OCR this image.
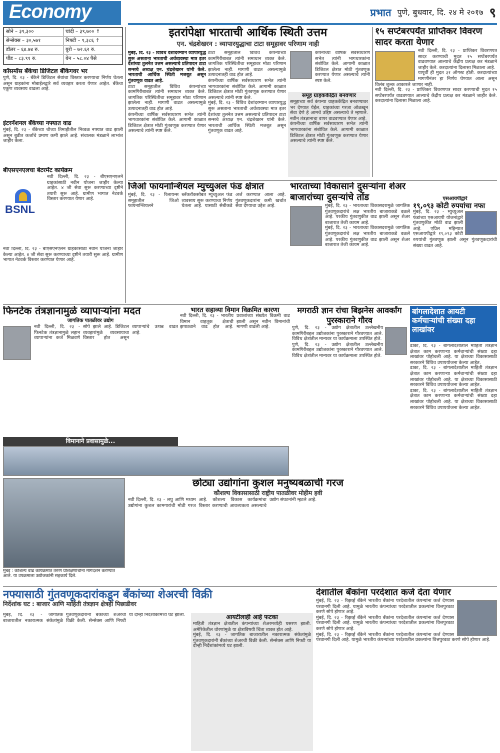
Economy	प्रभात पुणे, बुधवार, दि. २४ मे २०१७ ९
सोने – ३९,३००	चांदी – ३९,७०० ↑
सेन्सेक्स – ३०,५७१	निफ्टी – ९,३८६ ↑
डॉलर – ६४.७४ रु.	युरो – ७२.६२ रु.
पौंड – ८३.९१ रु.	येन – ५८.०४ पैसे
कॉसमॉस बँकेचा डिजिटल बँकिंगवर भर
पुणे, दि. २३ - बँकेने डिजिटल सेवांचा विस्तार करण्याचा निर्णय घेतला असून ग्राहकांना मोबाईलद्वारे सर्व व्यवहार करता येणार आहेत. बँकेचा एकूण व्यवसाय वाढला आहे.
इंटरनॅशनल बँकेच्या नफ्यात वाढ
मुंबई, दि. २३ - बँकेच्या चौथ्या तिमाहीतील निव्वळ नफ्यात वाढ झाली असून बुडीत कर्जांचे प्रमाण कमी झाले आहे. संचालक मंडळाने लाभांश जाहीर केला.
बीएसएनएलचा बेटरमेंट कार्यक्रम
नवी दिल्ली, दि. २३ - बीएसएनएलने ग्राहकांसाठी नवीन योजना जाहीर केल्या आहेत. ४ जी सेवा सुरू करण्याच्या दृष्टीने तयारी सुरू आहे. ग्रामीण भागात नेटवर्क विस्तार करण्यात येणार आहे.
BSNL
नवी दिल्ली, दि. २३ - बीएसएनएलने ग्राहकांसाठी नवीन योजना जाहीर केल्या आहेत. ४ जी सेवा सुरू करण्याच्या दृष्टीने तयारी सुरू आहे. ग्रामीण भागात नेटवर्क विस्तार करण्यात येणार आहे.
इतरांपेक्षा भारताची आर्थिक स्थिती उत्तम
एन. चंद्रशेखरन : व्यापारयुद्धाचा टाटा समूहावर परिणाम नाही
मुंबई, दि. २३ - विविध देशांदरम्यान व्यापारयुद्ध सुरू असताना भारताची अर्थव्यवस्था मात्र इतर देशांच्या तुलनेत उत्तम असल्याचे प्रतिपादन टाटा सन्सचे अध्यक्ष एन. चंद्रशेखरन यांनी केले. भारताची आर्थिक स्थिती मजबूत असून गुंतवणूक वाढत आहे.
टाटा समूहातील विविध कंपन्यांच्या कामगिरीबाबत त्यांनी समाधान व्यक्त केले. जागतिक परिस्थितीचा समूहावर मोठा परिणाम झालेला नाही. मागणी वाढत असल्यामुळे उत्पादनातही वाढ होत आहे.
कंपनीच्या वार्षिक सर्वसाधारण सभेत त्यांनी भागधारकांना संबोधित केले. आगामी काळात डिजिटल क्षेत्रात मोठी गुंतवणूक करण्यात येणार असल्याचे त्यांनी स्पष्ट केले.
टाटा समूहातील विविध कंपन्यांच्या कामगिरीबाबत त्यांनी समाधान व्यक्त केले. जागतिक परिस्थितीचा समूहावर मोठा परिणाम झालेला नाही. मागणी वाढत असल्यामुळे उत्पादनातही वाढ होत आहे.
कंपनीच्या वार्षिक सर्वसाधारण सभेत त्यांनी भागधारकांना संबोधित केले. आगामी काळात डिजिटल क्षेत्रात मोठी गुंतवणूक करण्यात येणार असल्याचे त्यांनी स्पष्ट केले.
मुंबई, दि. २३ - विविध देशांदरम्यान व्यापारयुद्ध सुरू असताना भारताची अर्थव्यवस्था मात्र इतर देशांच्या तुलनेत उत्तम असल्याचे प्रतिपादन टाटा सन्सचे अध्यक्ष एन. चंद्रशेखरन यांनी केले. भारताची आर्थिक स्थिती मजबूत असून गुंतवणूक वाढत आहे.
कंपनीच्या वार्षिक सर्वसाधारण सभेत त्यांनी भागधारकांना संबोधित केले. आगामी काळात डिजिटल क्षेत्रात मोठी गुंतवणूक करण्यात येणार असल्याचे त्यांनी स्पष्ट केले.
समूह ग्राहककेंद्रित बनवणार
समूहाच्या सर्व कंपन्या ग्राहककेंद्रित बनवण्यावर भर देण्यात येईल. ग्राहकांच्या गरजा ओळखून सेवा देणे हे आमचे उद्दिष्ट असल्याचे ते म्हणाले. नवीन तंत्रज्ञानाचा वापर वाढवण्यात येणार आहे.
कंपनीच्या वार्षिक सर्वसाधारण सभेत त्यांनी भागधारकांना संबोधित केले. आगामी काळात डिजिटल क्षेत्रात मोठी गुंतवणूक करण्यात येणार असल्याचे त्यांनी स्पष्ट केले.
१५ सप्टेंबरपर्यंत प्राप्तिकर विवरण सादर करता येणार
नवी दिल्ली, दि. २३ - प्राप्तिकर विवरणपत्र सादर करण्याची मुदत १५ सप्टेंबरपर्यंत वाढवण्यात आल्याचे केंद्रीय प्रत्यक्ष कर मंडळाने जाहीर केले. करदात्यांना दिलासा मिळाला आहे.
यापूर्वी ही मुदत ३१ ऑगस्ट होती. करदात्यांच्या मागणीनंतर हा निर्णय घेण्यात आला असून विलंब शुल्क आकारले जाणार नाही.
नवी दिल्ली, दि. २३ - प्राप्तिकर विवरणपत्र सादर करण्याची मुदत १५ सप्टेंबरपर्यंत वाढवण्यात आल्याचे केंद्रीय प्रत्यक्ष कर मंडळाने जाहीर केले. करदात्यांना दिलासा मिळाला आहे.
जिओ फायनान्शियल म्युच्युअल फंड क्षेत्रात
मुंबई, दि. २३ - रिलायन्स समूहातील जिओ फायनान्शियलने ब्लॅकरॉकसोबत म्युच्युअल फंड व्यवसाय सुरू करण्याचा निर्णय घेतला आहे. यासाठी सेबीकडे अर्ज करण्यात आला आहे. गुंतवणूकदारांना कमी खर्चात सेवा देण्याचा उद्देश आहे.
भारताच्या विकासाने दुसऱ्यांना शेअर बाजारांच्या दुसऱ्यांचे तोंड
मुंबई, दि. २३ - भारताच्या विकासदरामुळे जागतिक गुंतवणूकदारांचे लक्ष भारतीय बाजाराकडे वळले आहे. परकीय गुंतवणुकीत वाढ झाली असून शेअर बाजारात तेजी कायम आहे.
मुंबई, दि. २३ - भारताच्या विकासदरामुळे जागतिक गुंतवणूकदारांचे लक्ष भारतीय बाजाराकडे वळले आहे. परकीय गुंतवणुकीत वाढ झाली असून शेअर बाजारात तेजी कायम आहे.
एसआयपीद्वारे
१९,०९३ कोटी रुपयांचा नफा
मुंबई, दि. २३ - म्युच्युअल फंडांच्या एसआयपी योजनांद्वारे गुंतवणुकीत मोठी वाढ झाली आहे. एप्रिल महिन्यात एसआयपीद्वारे १९,०९३ कोटी रुपयांची गुंतवणूक झाली असून गुंतवणूकदारांची संख्या वाढत आहे.
फिनटेक तंत्रज्ञानामुळे व्यापाऱ्यांना मदत
जागतिक पातळीवर उद्योग
नवी दिल्ली, दि. २३ - फिनटेक तंत्रज्ञानामुळे लहान व्यापाऱ्यांना कर्ज मिळवणे सोपे झाले आहे. डिजिटल व्यवहारांमुळे व्यवसायाचा विस्तार होत असून व्यापाऱ्यांचे उत्पन्न वाढत आहे.
भारत सहाव्या विमान विक्रमित कारणा
नवी दिल्ली, दि. २३ - भारतीय विमान वाहतूक क्षेत्राची झपाट्याने वाढ होत आहे. प्रवाशांच्या संख्येत विक्रमी वाढ झाली असून नवीन विमानांची मागणी वाढली आहे.
मगराठी ज्ञान रांचा बिझनेस आवर्कांग पुरस्काराने गौरव
पुणे, दि. २३ - उद्योग क्षेत्रातील उल्लेखनीय कामगिरीबद्दल उद्योजकांना पुरस्काराने गौरवण्यात आले. विविध क्षेत्रांतील मान्यवर या कार्यक्रमाला उपस्थित होते.
पुणे, दि. २३ - उद्योग क्षेत्रातील उल्लेखनीय कामगिरीबद्दल उद्योजकांना पुरस्काराने गौरवण्यात आले. विविध क्षेत्रांतील मान्यवर या कार्यक्रमाला उपस्थित होते.
बांगलादेशात आयटी कर्मचाऱ्यांची संख्या दहा लाखांवर
ढाका, दि. २३ - बांगलादेशातील माहिती तंत्रज्ञान क्षेत्रात काम करणाऱ्या कर्मचाऱ्यांची संख्या दहा लाखांवर पोहोचली आहे. या क्षेत्राच्या विकासासाठी सरकारने विविध उपाययोजना केल्या आहेत.
ढाका, दि. २३ - बांगलादेशातील माहिती तंत्रज्ञान क्षेत्रात काम करणाऱ्या कर्मचाऱ्यांची संख्या दहा लाखांवर पोहोचली आहे. या क्षेत्राच्या विकासासाठी सरकारने विविध उपाययोजना केल्या आहेत.
ढाका, दि. २३ - बांगलादेशातील माहिती तंत्रज्ञान क्षेत्रात काम करणाऱ्या कर्मचाऱ्यांची संख्या दहा लाखांवर पोहोचली आहे. या क्षेत्राच्या विकासासाठी सरकारने विविध उपाययोजना केल्या आहेत.
विमानाने प्रवासामुळे...
छोट्या उद्योगांना कुशल मनुष्यबळाची गरज
कौशल्य विकासासाठी राष्ट्रीय पातळीवर मोहीम हवी
नवी दिल्ली, दि. २३ - लघु आणि मध्यम उद्योगांना कुशल कामगारांची मोठी गरज आहे. कौशल्य विकास कार्यक्रमांचा विस्तार करण्याची आवश्यकता असल्याचे उद्योग संघटनांनी म्हटले आहे.
मुंबई : कौशल्य वाढ कार्यक्रमात तरुण प्रशिक्षणार्थींना मार्गदर्शन करण्यात आले. या उपक्रमाला उद्योजकांनी सहकार्य दिले.
नफ्यासाठी गुंतवणूकदारांकडून बँकांच्या शेअरची विक्री
निर्देशांक घट : बाजार आणि माहिती तंत्रज्ञान क्षेत्रही पिछाडीवर
मुंबई, दि. २३ - जागतिक बाजारातील नकारात्मक संकेतांमुळे गुंतवणूकदारांनी बँकांच्या शेअरची विक्री केली. सेन्सेक्स आणि निफ्टी या दोन्ही निर्देशांकांमध्ये घट झाली.	आयटीलाही आहे फटका
माहिती तंत्रज्ञान क्षेत्रातील कंपन्यांच्या शेअरमध्येही घसरण झाली. अमेरिकेतील धोरणांमुळे या क्षेत्राविषयी चिंता व्यक्त होत आहे.
मुंबई, दि. २३ - जागतिक बाजारातील नकारात्मक संकेतांमुळे गुंतवणूकदारांनी बँकांच्या शेअरची विक्री केली. सेन्सेक्स आणि निफ्टी या दोन्ही निर्देशांकांमध्ये घट झाली.
देशातील बँकांना परदेशात कर्ज देता येणार
मुंबई, दि. २३ - रिझर्व्ह बँकेने भारतीय बँकांना परदेशातील कंपन्यांना कर्ज देण्यास परवानगी दिली आहे. यामुळे भारतीय कंपन्यांच्या परदेशातील प्रकल्पांना वित्तपुरवठा करणे सोपे होणार आहे.
मुंबई, दि. २३ - रिझर्व्ह बँकेने भारतीय बँकांना परदेशातील कंपन्यांना कर्ज देण्यास परवानगी दिली आहे. यामुळे भारतीय कंपन्यांच्या परदेशातील प्रकल्पांना वित्तपुरवठा करणे सोपे होणार आहे.
मुंबई, दि. २३ - रिझर्व्ह बँकेने भारतीय बँकांना परदेशातील कंपन्यांना कर्ज देण्यास परवानगी दिली आहे. यामुळे भारतीय कंपन्यांच्या परदेशातील प्रकल्पांना वित्तपुरवठा करणे सोपे होणार आहे.
